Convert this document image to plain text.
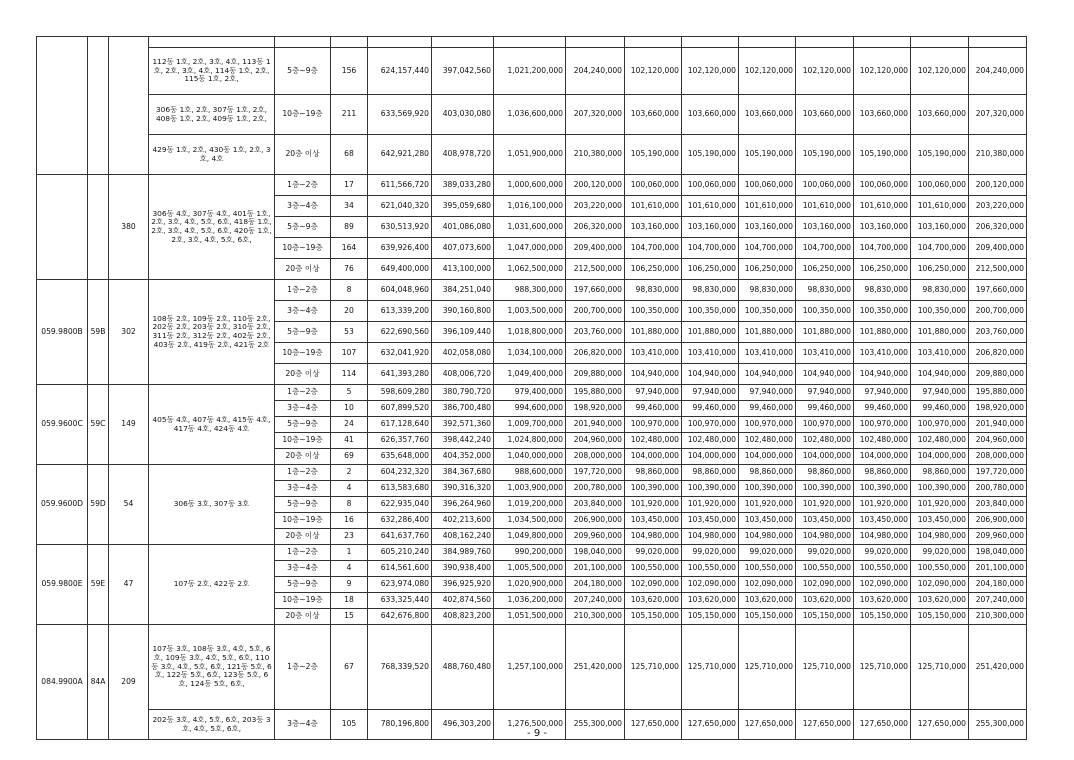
			112동 1호, 2호, 3호, 4호, 113동 1호, 2호, 3호, 4호, 114동 1호, 2호, 115동 1호, 2호,	5층~9층	156	624,157,440	397,042,560	1,021,200,000	204,240,000	102,120,000	102,120,000	102,120,000	102,120,000	102,120,000	102,120,000	204,240,000
			306동 1호, 2호, 307동 1호, 2호, 408동 1호, 2호, 409동 1호, 2호,	10층~19층	211	633,569,920	403,030,080	1,036,600,000	207,320,000	103,660,000	103,660,000	103,660,000	103,660,000	103,660,000	103,660,000	207,320,000
			429동 1호, 2호, 430동 1호, 2호, 3호, 4호	20층 이상	68	642,921,280	408,978,720	1,051,900,000	210,380,000	105,190,000	105,190,000	105,190,000	105,190,000	105,190,000	105,190,000	210,380,000
		380	306동 4호, 307동 4호, 401동 1호, 2호, 3호, 4호, 5호, 6호, 418동 1호, 2호, 3호, 4호, 5호, 6호, 420동 1호, 2호, 3호, 4호, 5호, 6호,	1층~2층	17	611,566,720	389,033,280	1,000,600,000	200,120,000	100,060,000	100,060,000	100,060,000	100,060,000	100,060,000	100,060,000	200,120,000
				3층~4층	34	621,040,320	395,059,680	1,016,100,000	203,220,000	101,610,000	101,610,000	101,610,000	101,610,000	101,610,000	101,610,000	203,220,000
				5층~9층	89	630,513,920	401,086,080	1,031,600,000	206,320,000	103,160,000	103,160,000	103,160,000	103,160,000	103,160,000	103,160,000	206,320,000
				10층~19층	164	639,926,400	407,073,600	1,047,000,000	209,400,000	104,700,000	104,700,000	104,700,000	104,700,000	104,700,000	104,700,000	209,400,000
				20층 이상	76	649,400,000	413,100,000	1,062,500,000	212,500,000	106,250,000	106,250,000	106,250,000	106,250,000	106,250,000	106,250,000	212,500,000
059.9800B	59B	302	108동 2호, 109동 2호, 110동 2호, 202동 2호, 203동 2호, 310동 2호, 311동 2호, 312동 2호, 402동 2호, 403동 2호, 419동 2호, 421동 2호	1층~2층	8	604,048,960	384,251,040	988,300,000	197,660,000	98,830,000	98,830,000	98,830,000	98,830,000	98,830,000	98,830,000	197,660,000
				3층~4층	20	613,339,200	390,160,800	1,003,500,000	200,700,000	100,350,000	100,350,000	100,350,000	100,350,000	100,350,000	100,350,000	200,700,000
				5층~9층	53	622,690,560	396,109,440	1,018,800,000	203,760,000	101,880,000	101,880,000	101,880,000	101,880,000	101,880,000	101,880,000	203,760,000
				10층~19층	107	632,041,920	402,058,080	1,034,100,000	206,820,000	103,410,000	103,410,000	103,410,000	103,410,000	103,410,000	103,410,000	206,820,000
				20층 이상	114	641,393,280	408,006,720	1,049,400,000	209,880,000	104,940,000	104,940,000	104,940,000	104,940,000	104,940,000	104,940,000	209,880,000
059.9600C	59C	149	405동 4호, 407동 4호, 415동 4호, 417동 4호, 424동 4호	1층~2층	5	598,609,280	380,790,720	979,400,000	195,880,000	97,940,000	97,940,000	97,940,000	97,940,000	97,940,000	97,940,000	195,880,000
				3층~4층	10	607,899,520	386,700,480	994,600,000	198,920,000	99,460,000	99,460,000	99,460,000	99,460,000	99,460,000	99,460,000	198,920,000
				5층~9층	24	617,128,640	392,571,360	1,009,700,000	201,940,000	100,970,000	100,970,000	100,970,000	100,970,000	100,970,000	100,970,000	201,940,000
				10층~19층	41	626,357,760	398,442,240	1,024,800,000	204,960,000	102,480,000	102,480,000	102,480,000	102,480,000	102,480,000	102,480,000	204,960,000
				20층 이상	69	635,648,000	404,352,000	1,040,000,000	208,000,000	104,000,000	104,000,000	104,000,000	104,000,000	104,000,000	104,000,000	208,000,000
059.9600D	59D	54	306동 3호, 307동 3호	1층~2층	2	604,232,320	384,367,680	988,600,000	197,720,000	98,860,000	98,860,000	98,860,000	98,860,000	98,860,000	98,860,000	197,720,000
				3층~4층	4	613,583,680	390,316,320	1,003,900,000	200,780,000	100,390,000	100,390,000	100,390,000	100,390,000	100,390,000	100,390,000	200,780,000
				5층~9층	8	622,935,040	396,264,960	1,019,200,000	203,840,000	101,920,000	101,920,000	101,920,000	101,920,000	101,920,000	101,920,000	203,840,000
				10층~19층	16	632,286,400	402,213,600	1,034,500,000	206,900,000	103,450,000	103,450,000	103,450,000	103,450,000	103,450,000	103,450,000	206,900,000
				20층 이상	23	641,637,760	408,162,240	1,049,800,000	209,960,000	104,980,000	104,980,000	104,980,000	104,980,000	104,980,000	104,980,000	209,960,000
059.9800E	59E	47	107동 2호, 422동 2호	1층~2층	1	605,210,240	384,989,760	990,200,000	198,040,000	99,020,000	99,020,000	99,020,000	99,020,000	99,020,000	99,020,000	198,040,000
				3층~4층	4	614,561,600	390,938,400	1,005,500,000	201,100,000	100,550,000	100,550,000	100,550,000	100,550,000	100,550,000	100,550,000	201,100,000
				5층~9층	9	623,974,080	396,925,920	1,020,900,000	204,180,000	102,090,000	102,090,000	102,090,000	102,090,000	102,090,000	102,090,000	204,180,000
				10층~19층	18	633,325,440	402,874,560	1,036,200,000	207,240,000	103,620,000	103,620,000	103,620,000	103,620,000	103,620,000	103,620,000	207,240,000
				20층 이상	15	642,676,800	408,823,200	1,051,500,000	210,300,000	105,150,000	105,150,000	105,150,000	105,150,000	105,150,000	105,150,000	210,300,000
084.9900A	84A	209	107동 3호, 108동 3호, 4호, 5호, 6호, 109동 3호, 4호, 5호, 6호, 110동 3호, 4호, 5호, 6호, 121동 5호, 6호, 122동 5호, 6호, 123동 5호, 6호, 124동 5호, 6호,	1층~2층	67	768,339,520	488,760,480	1,257,100,000	251,420,000	125,710,000	125,710,000	125,710,000	125,710,000	125,710,000	125,710,000	251,420,000
			202동 3호, 4호, 5호, 6호, 203동 3호, 4호, 5호, 6호,	3층~4층	105	780,196,800	496,303,200	1,276,500,000	255,300,000	127,650,000	127,650,000	127,650,000	127,650,000	127,650,000	127,650,000	255,300,000
- 9 -
